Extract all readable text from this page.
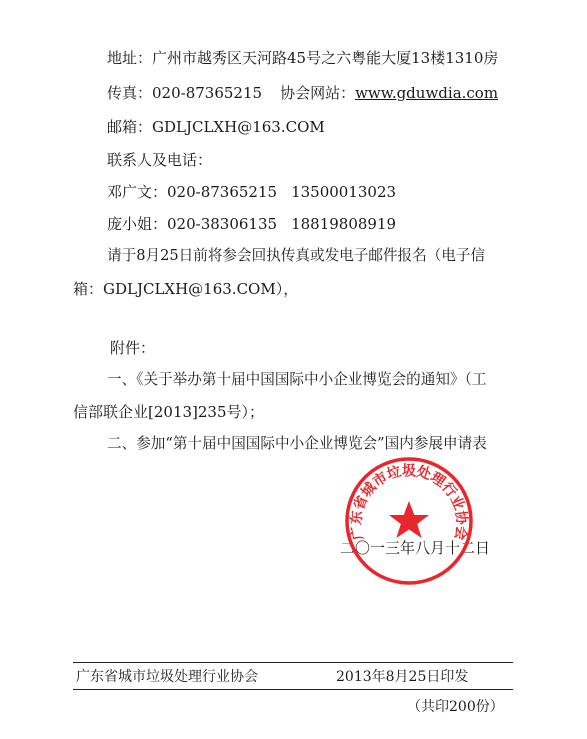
地址：广州市越秀区天河路45号之六粤能大厦13楼1310房
传真：020-87365215 协会网站：www.gduwdia.com
邮箱：GDLJCLXH@163.COM
联系人及电话：
邓广文：020-87365215 13500013023
庞小姐：020-38306135 18819808919
请于8月25日前将参会回执传真或发电子邮件报名（电子信
箱：GDLJCLXH@163.COM），
附件：
一、《关于举办第十届中国国际中小企业博览会的通知》（工
信部联企业[2013]235号）；
二、参加“第十届中国国际中小企业博览会”国内参展申请表
二〇一三年八月十二日
广东省城市垃圾处理行业协会
广东省城市垃圾处理行业协会	2013年8月25日印发
（共印200份）
